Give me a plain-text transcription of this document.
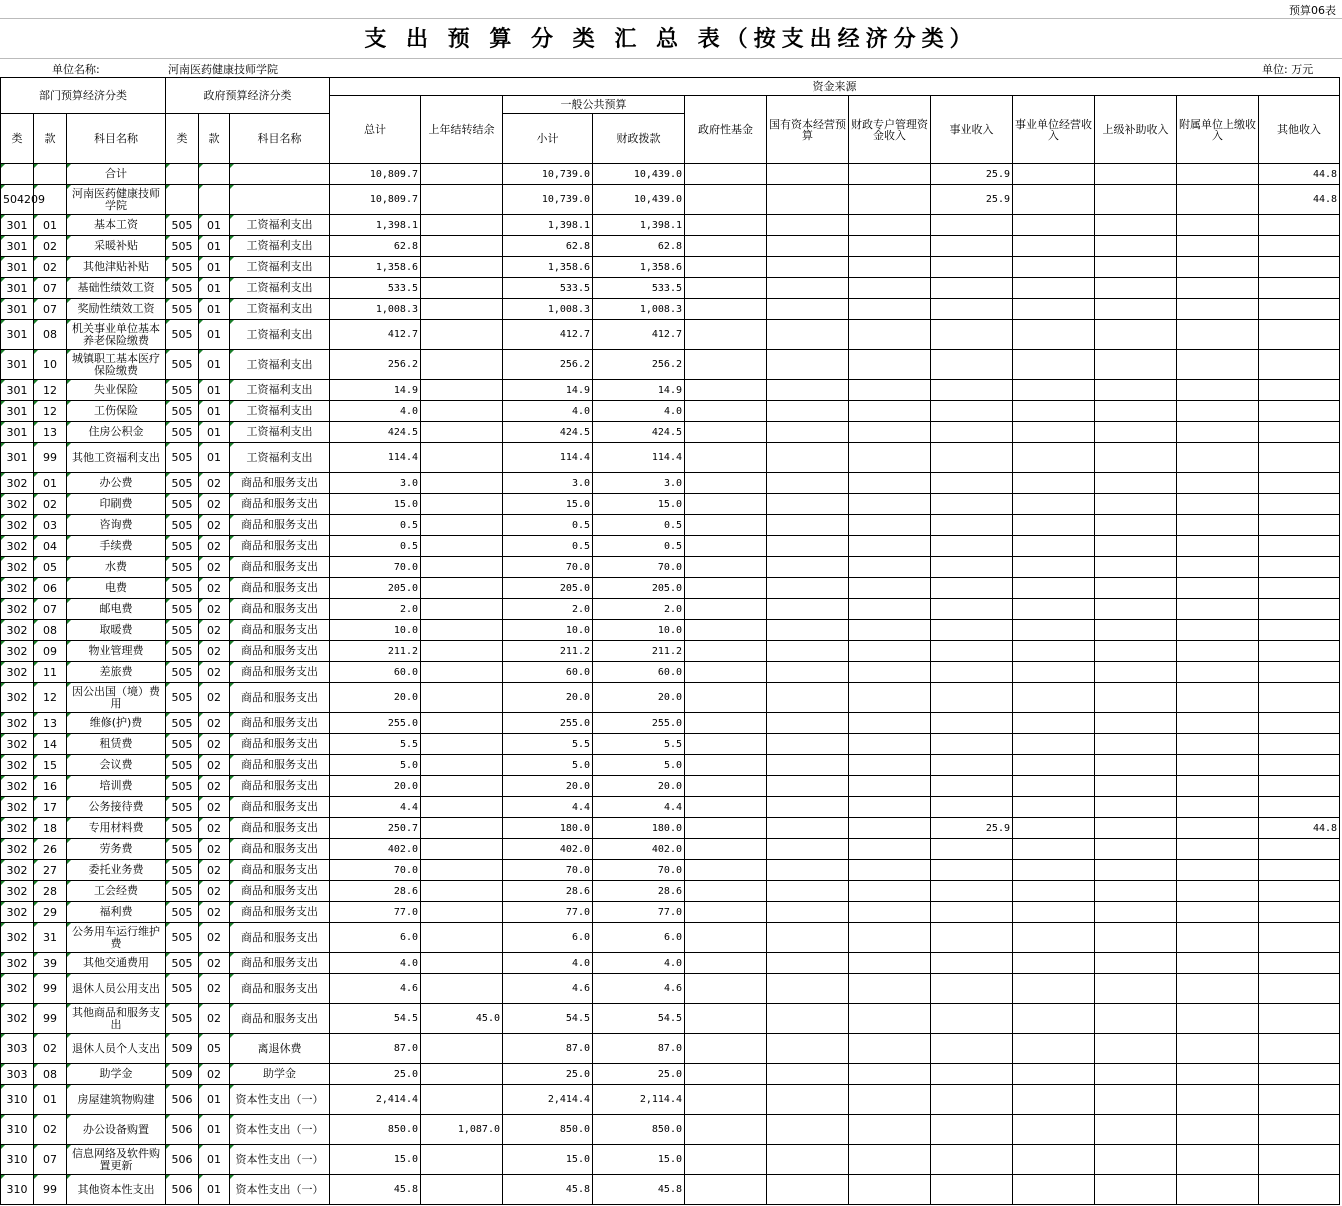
预算06表
支 出 预 算 分 类 汇 总 表（按支出经济分类）
单位名称:	河南医药健康技师学院	单位: 万元
部门预算经济分类			政府预算经济分类			资金来源											
						总计	上年结转结余	一般公共预算		政府性基金	国有资本经营预算	财政专户管理资金收入	事业收入	事业单位经营收入	上级补助收入	附属单位上缴收入	其他收入
类	款	科目名称	类	款	科目名称			小计	财政拨款								
		合计				10,809.7		10,739.0	10,439.0				25.9				44.8
504209		河南医药健康技师学院				10,809.7		10,739.0	10,439.0				25.9				44.8
301	01	基本工资	505	01	工资福利支出	1,398.1		1,398.1	1,398.1								
301	02	采暖补贴	505	01	工资福利支出	62.8		62.8	62.8								
301	02	其他津贴补贴	505	01	工资福利支出	1,358.6		1,358.6	1,358.6								
301	07	基础性绩效工资	505	01	工资福利支出	533.5		533.5	533.5								
301	07	奖励性绩效工资	505	01	工资福利支出	1,008.3		1,008.3	1,008.3								
301	08	机关事业单位基本养老保险缴费	505	01	工资福利支出	412.7		412.7	412.7								
301	10	城镇职工基本医疗保险缴费	505	01	工资福利支出	256.2		256.2	256.2								
301	12	失业保险	505	01	工资福利支出	14.9		14.9	14.9								
301	12	工伤保险	505	01	工资福利支出	4.0		4.0	4.0								
301	13	住房公积金	505	01	工资福利支出	424.5		424.5	424.5								
301	99	其他工资福利支出	505	01	工资福利支出	114.4		114.4	114.4								
302	01	办公费	505	02	商品和服务支出	3.0		3.0	3.0								
302	02	印刷费	505	02	商品和服务支出	15.0		15.0	15.0								
302	03	咨询费	505	02	商品和服务支出	0.5		0.5	0.5								
302	04	手续费	505	02	商品和服务支出	0.5		0.5	0.5								
302	05	水费	505	02	商品和服务支出	70.0		70.0	70.0								
302	06	电费	505	02	商品和服务支出	205.0		205.0	205.0								
302	07	邮电费	505	02	商品和服务支出	2.0		2.0	2.0								
302	08	取暖费	505	02	商品和服务支出	10.0		10.0	10.0								
302	09	物业管理费	505	02	商品和服务支出	211.2		211.2	211.2								
302	11	差旅费	505	02	商品和服务支出	60.0		60.0	60.0								
302	12	因公出国（境）费用	505	02	商品和服务支出	20.0		20.0	20.0								
302	13	维修(护)费	505	02	商品和服务支出	255.0		255.0	255.0								
302	14	租赁费	505	02	商品和服务支出	5.5		5.5	5.5								
302	15	会议费	505	02	商品和服务支出	5.0		5.0	5.0								
302	16	培训费	505	02	商品和服务支出	20.0		20.0	20.0								
302	17	公务接待费	505	02	商品和服务支出	4.4		4.4	4.4								
302	18	专用材料费	505	02	商品和服务支出	250.7		180.0	180.0				25.9				44.8
302	26	劳务费	505	02	商品和服务支出	402.0		402.0	402.0								
302	27	委托业务费	505	02	商品和服务支出	70.0		70.0	70.0								
302	28	工会经费	505	02	商品和服务支出	28.6		28.6	28.6								
302	29	福利费	505	02	商品和服务支出	77.0		77.0	77.0								
302	31	公务用车运行维护费	505	02	商品和服务支出	6.0		6.0	6.0								
302	39	其他交通费用	505	02	商品和服务支出	4.0		4.0	4.0								
302	99	退休人员公用支出	505	02	商品和服务支出	4.6		4.6	4.6								
302	99	其他商品和服务支出	505	02	商品和服务支出	54.5	45.0	54.5	54.5								
303	02	退休人员个人支出	509	05	离退休费	87.0		87.0	87.0								
303	08	助学金	509	02	助学金	25.0		25.0	25.0								
310	01	房屋建筑物购建	506	01	资本性支出（一）	2,414.4		2,414.4	2,114.4								
310	02	办公设备购置	506	01	资本性支出（一）	850.0	1,087.0	850.0	850.0								
310	07	信息网络及软件购置更新	506	01	资本性支出（一）	15.0		15.0	15.0								
310	99	其他资本性支出	506	01	资本性支出（一）	45.8		45.8	45.8								
